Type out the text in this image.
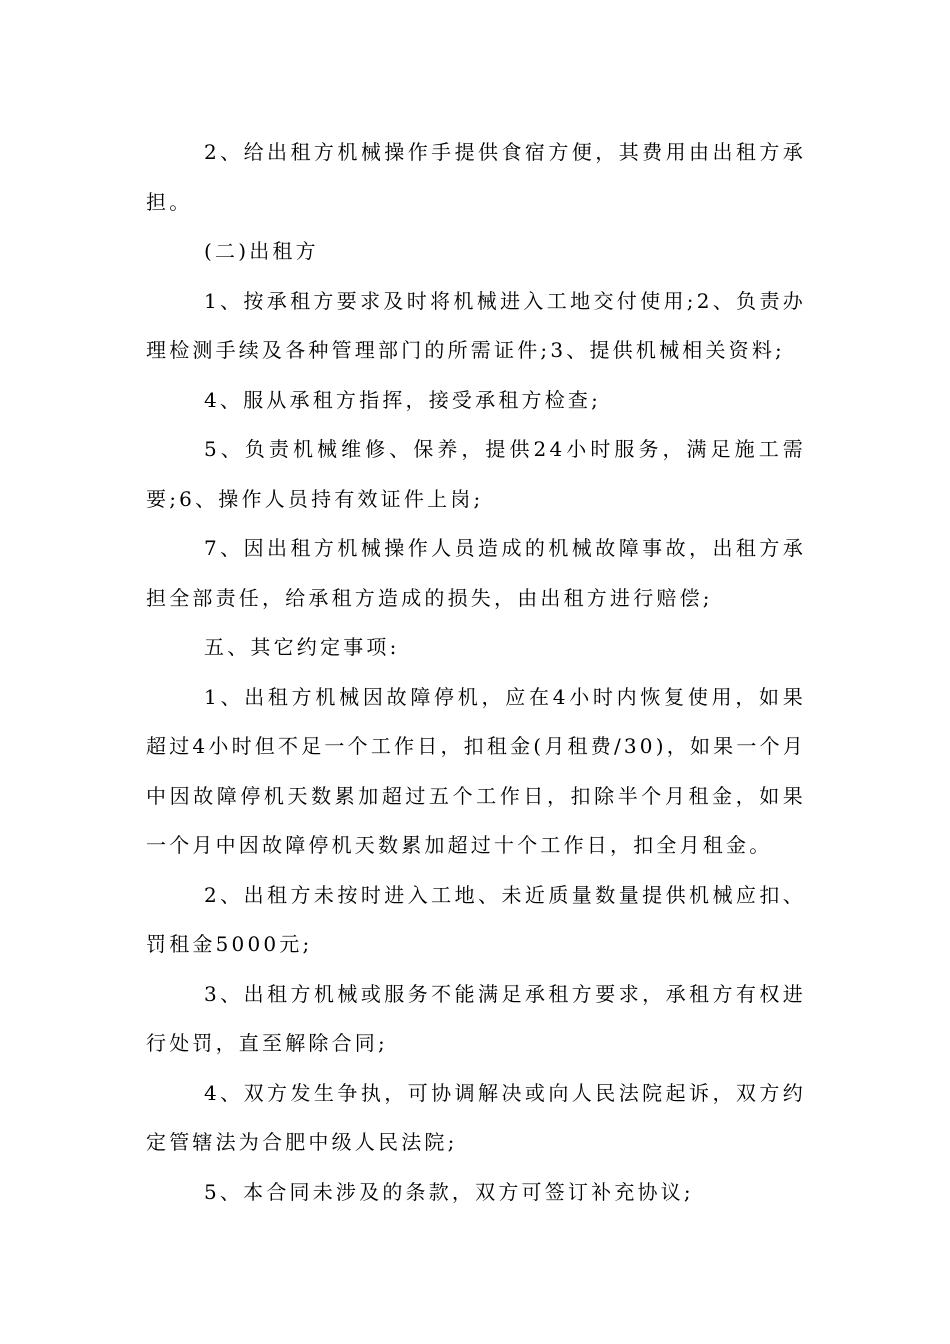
2、给出租方机械操作手提供食宿方便，其费用由出租方承担。

(二)出租方

1、按承租方要求及时将机械进入工地交付使用;2、负责办理检测手续及各种管理部门的所需证件;3、提供机械相关资料;

4、服从承租方指挥，接受承租方检查;

5、负责机械维修、保养，提供24小时服务，满足施工需要;6、操作人员持有效证件上岗;

7、因出租方机械操作人员造成的机械故障事故，出租方承担全部责任，给承租方造成的损失，由出租方进行赔偿;

五、其它约定事项:

1、出租方机械因故障停机，应在4小时内恢复使用，如果超过4小时但不足一个工作日，扣租金(月租费/30)，如果一个月中因故障停机天数累加超过五个工作日，扣除半个月租金，如果一个月中因故障停机天数累加超过十个工作日，扣全月租金。

2、出租方未按时进入工地、未近质量数量提供机械应扣、罚租金5000元;

3、出租方机械或服务不能满足承租方要求，承租方有权进行处罚，直至解除合同;

4、双方发生争执，可协调解决或向人民法院起诉，双方约定管辖法为合肥中级人民法院;

5、本合同未涉及的条款，双方可签订补充协议;
